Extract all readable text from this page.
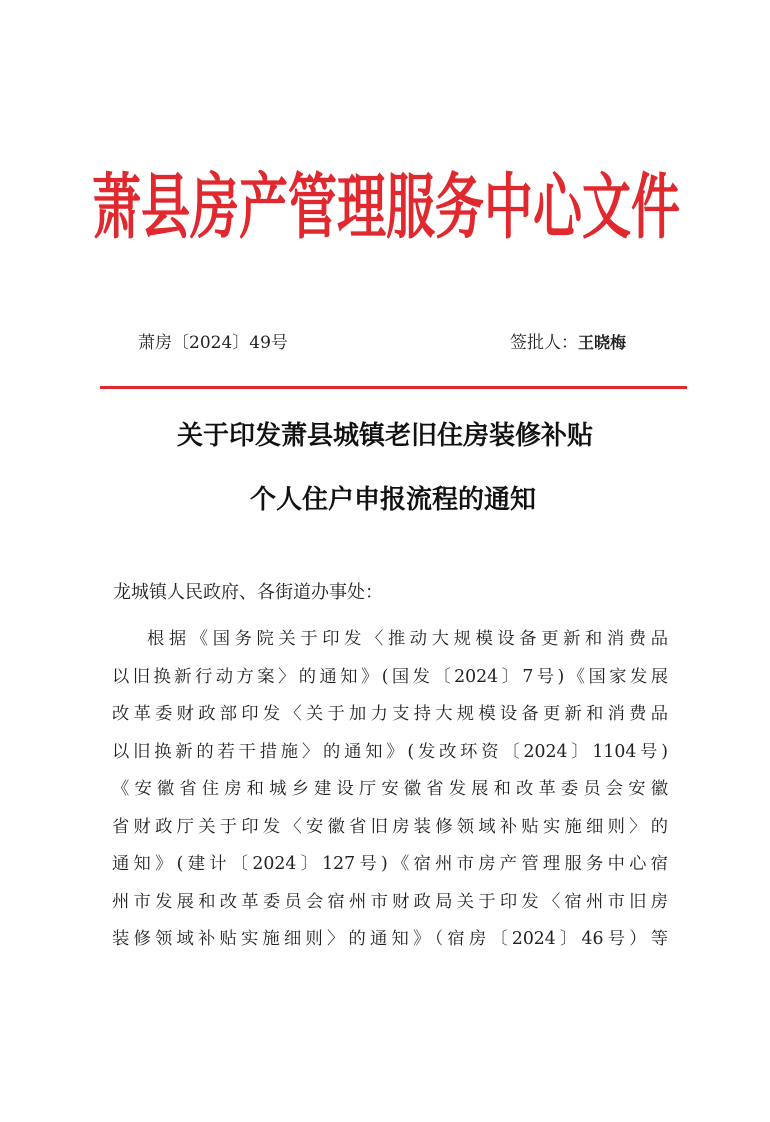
萧县房产管理服务中心文件
萧房〔2024〕49号	签批人：王晓梅
关于印发萧县城镇老旧住房装修补贴
个人住户申报流程的通知
龙城镇人民政府、各街道办事处：
根据《国务院关于印发〈推动大规模设备更新和消费品
以旧换新行动方案〉的通知》(国发〔2024〕7号)《国家发展
改革委财政部印发〈关于加力支持大规模设备更新和消费品
以旧换新的若干措施〉的通知》(发改环资〔2024〕1104号)
《安徽省住房和城乡建设厅安徽省发展和改革委员会安徽
省财政厅关于印发〈安徽省旧房装修领域补贴实施细则〉的
通知》(建计〔2024〕127号)《宿州市房产管理服务中心宿
州市发展和改革委员会宿州市财政局关于印发〈宿州市旧房
装修领域补贴实施细则〉的通知》（宿房〔2024〕46号）等
